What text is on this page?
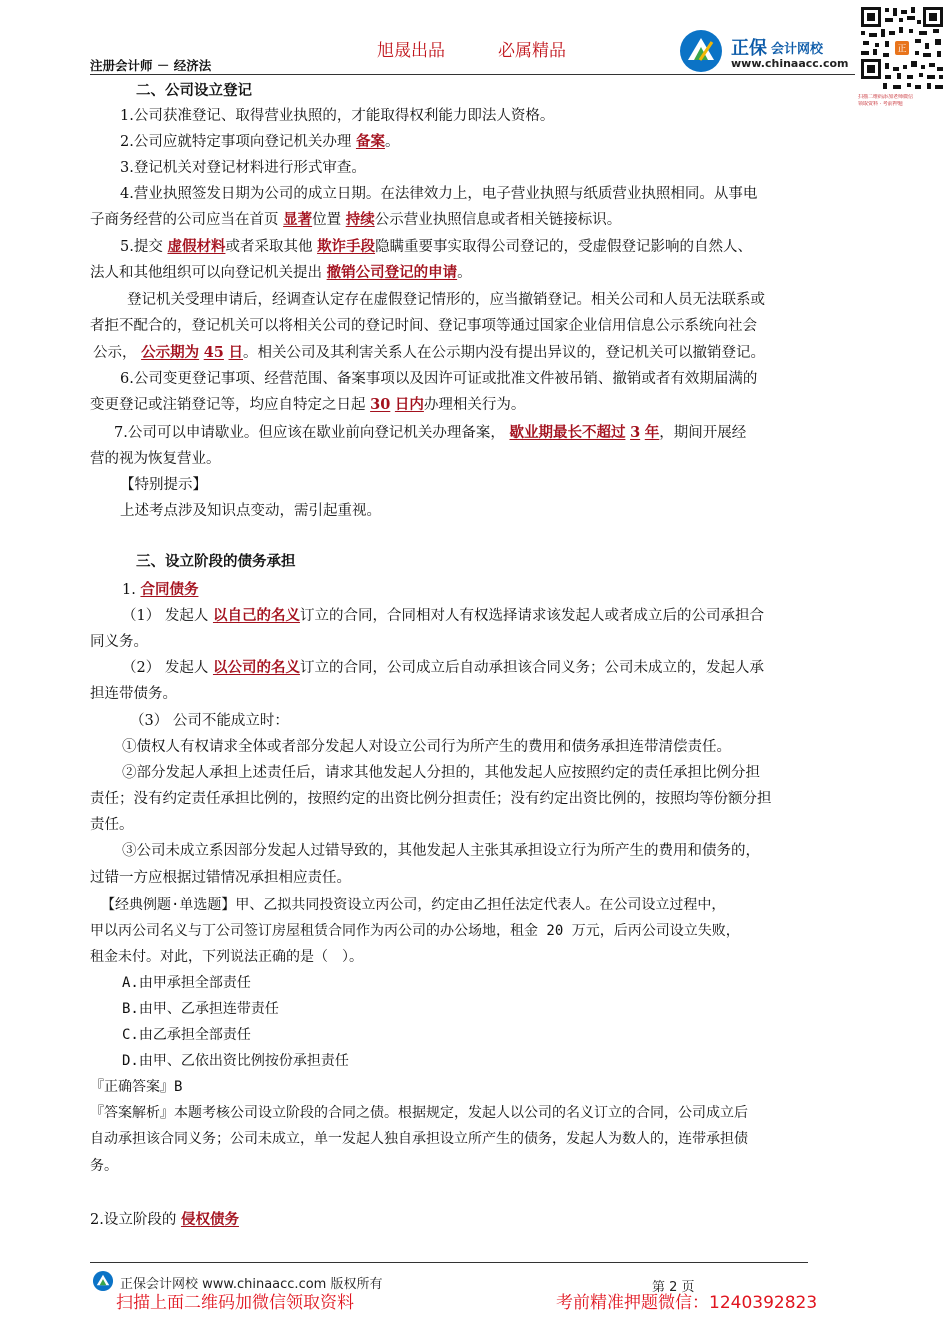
旭晟出品	必属精品
注册会计师 － 经济法
正保 会计网校
www.chinaacc.com
正
扫描二维码添加老师微信
领取资料 · 考前押题
二、公司设立登记
1.公司获准登记、取得营业执照的，才能取得权利能力即法人资格。
2.公司应就特定事项向登记机关办理 备案。
3.登记机关对登记材料进行形式审查。
4.营业执照签发日期为公司的成立日期。在法律效力上，电子营业执照与纸质营业执照相同。从事电
子商务经营的公司应当在首页 显著位置 持续公示营业执照信息或者相关链接标识。
5.提交 虚假材料或者采取其他 欺诈手段隐瞒重要事实取得公司登记的，受虚假登记影响的自然人、
法人和其他组织可以向登记机关提出 撤销公司登记的申请。
登记机关受理申请后，经调查认定存在虚假登记情形的，应当撤销登记。相关公司和人员无法联系或
者拒不配合的，登记机关可以将相关公司的登记时间、登记事项等通过国家企业信用信息公示系统向社会
公示， 公示期为 45 日。相关公司及其利害关系人在公示期内没有提出异议的，登记机关可以撤销登记。
6.公司变更登记事项、经营范围、备案事项以及因许可证或批准文件被吊销、撤销或者有效期届满的
变更登记或注销登记等，均应自特定之日起 30 日内办理相关行为。
7.公司可以申请歇业。但应该在歇业前向登记机关办理备案， 歇业期最长不超过 3 年，期间开展经
营的视为恢复营业。
【特别提示】
上述考点涉及知识点变动，需引起重视。
三、设立阶段的债务承担
1. 合同债务
（1） 发起人 以自己的名义订立的合同，合同相对人有权选择请求该发起人或者成立后的公司承担合
同义务。
（2） 发起人 以公司的名义订立的合同，公司成立后自动承担该合同义务；公司未成立的，发起人承
担连带债务。
（3） 公司不能成立时：
①债权人有权请求全体或者部分发起人对设立公司行为所产生的费用和债务承担连带清偿责任。
②部分发起人承担上述责任后，请求其他发起人分担的，其他发起人应按照约定的责任承担比例分担
责任；没有约定责任承担比例的，按照约定的出资比例分担责任；没有约定出资比例的，按照均等份额分担
责任。
③公司未成立系因部分发起人过错导致的，其他发起人主张其承担设立行为所产生的费用和债务的，
过错一方应根据过错情况承担相应责任。
【经典例题·单选题】甲、乙拟共同投资设立丙公司，约定由乙担任法定代表人。在公司设立过程中，
甲以丙公司名义与丁公司签订房屋租赁合同作为丙公司的办公场地，租金 20 万元，后丙公司设立失败，
租金未付。对此，下列说法正确的是（　）。
A.由甲承担全部责任
B.由甲、乙承担连带责任
C.由乙承担全部责任
D.由甲、乙依出资比例按份承担责任
『正确答案』B
『答案解析』本题考核公司设立阶段的合同之债。根据规定，发起人以公司的名义订立的合同，公司成立后
自动承担该合同义务；公司未成立，单一发起人独自承担设立所产生的债务，发起人为数人的，连带承担债
务。
2.设立阶段的 侵权债务
正保会计网校 www.chinaacc.com 版权所有	第 2 页
扫描上面二维码加微信领取资料	考前精准押题微信：1240392823
